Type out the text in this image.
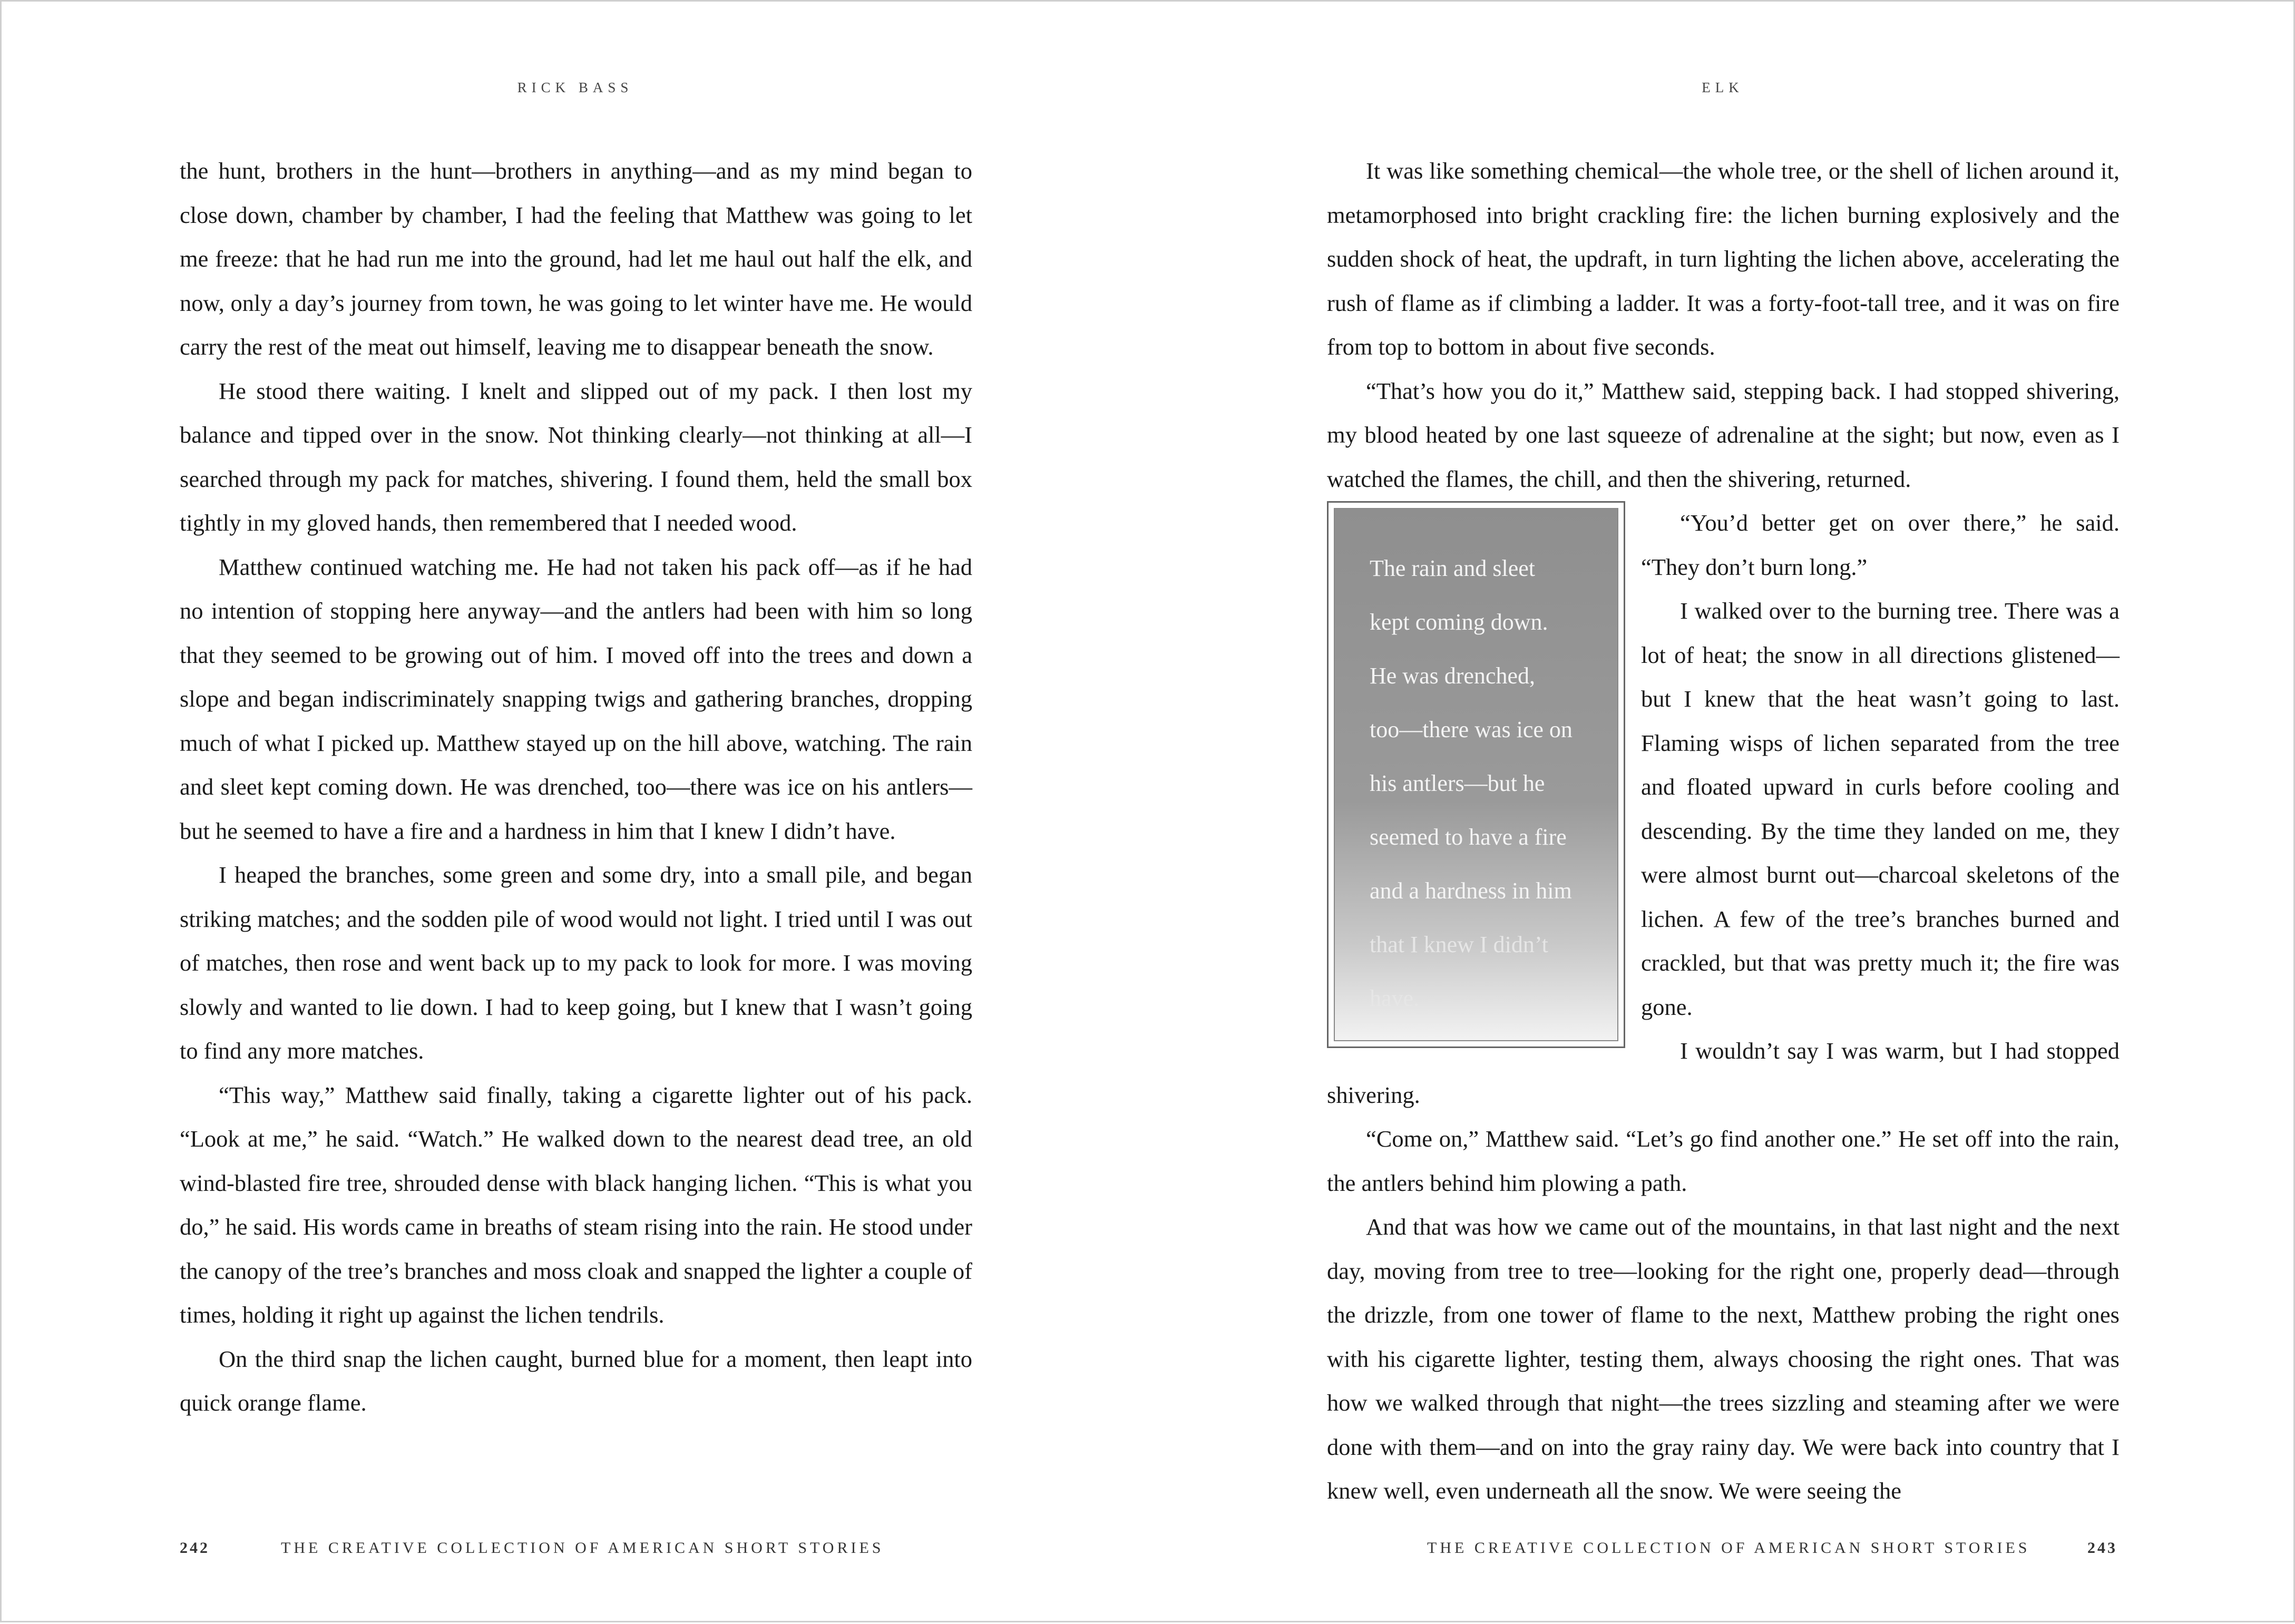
RICK BASS

the hunt, brothers in the hunt—brothers in anything—and as my mind began to close down, chamber by chamber, I had the feeling that Matthew was going to let me freeze: that he had run me into the ground, had let me haul out half the elk, and now, only a day’s journey from town, he was going to let winter have me. He would carry the rest of the meat out himself, leaving me to disappear beneath the snow.

He stood there waiting. I knelt and slipped out of my pack. I then lost my balance and tipped over in the snow. Not thinking clearly—not thinking at all—I searched through my pack for matches, shivering. I found them, held the small box tightly in my gloved hands, then remembered that I needed wood.

Matthew continued watching me. He had not taken his pack off—as if he had no intention of stopping here anyway—and the antlers had been with him so long that they seemed to be growing out of him. I moved off into the trees and down a slope and began indiscriminately snapping twigs and gathering branches, dropping much of what I picked up. Matthew stayed up on the hill above, watching. The rain and sleet kept coming down. He was drenched, too—there was ice on his antlers—but he seemed to have a fire and a hardness in him that I knew I didn’t have.

I heaped the branches, some green and some dry, into a small pile, and began striking matches; and the sodden pile of wood would not light. I tried until I was out of matches, then rose and went back up to my pack to look for more. I was moving slowly and wanted to lie down. I had to keep going, but I knew that I wasn’t going to find any more matches.

“This way,” Matthew said finally, taking a cigarette lighter out of his pack. “Look at me,” he said. “Watch.” He walked down to the nearest dead tree, an old wind-blasted fire tree, shrouded dense with black hanging lichen. “This is what you do,” he said. His words came in breaths of steam rising into the rain. He stood under the canopy of the tree’s branches and moss cloak and snapped the lighter a couple of times, holding it right up against the lichen tendrils.

On the third snap the lichen caught, burned blue for a moment, then leapt into quick orange flame.

242	THE CREATIVE COLLECTION OF AMERICAN SHORT STORIES
ELK

It was like something chemical—the whole tree, or the shell of lichen around it, metamorphosed into bright crackling fire: the lichen burning explosively and the sudden shock of heat, the updraft, in turn lighting the lichen above, accelerating the rush of flame as if climbing a ladder. It was a forty-foot-tall tree, and it was on fire from top to bottom in about five seconds.

“That’s how you do it,” Matthew said, stepping back. I had stopped shivering, my blood heated by one last squeeze of adrenaline at the sight; but now, even as I watched the flames, the chill, and then the shivering, returned.

The rain and sleet
kept coming down.
He was drenched,
too—there was ice on
his antlers—but he
seemed to have a fire
and a hardness in him
that I knew I didn’t
have.

“You’d better get on over there,” he said. “They don’t burn long.”

I walked over to the burning tree. There was a lot of heat; the snow in all directions glistened—but I knew that the heat wasn’t going to last. Flaming wisps of lichen separated from the tree and floated upward in curls before cooling and descending. By the time they landed on me, they were almost burnt out—charcoal skeletons of the lichen. A few of the tree’s branches burned and crackled, but that was pretty much it; the fire was gone.

I wouldn’t say I was warm, but I had stopped shivering.

“Come on,” Matthew said. “Let’s go find another one.” He set off into the rain, the antlers behind him plowing a path.

And that was how we came out of the mountains, in that last night and the next day, moving from tree to tree—looking for the right one, properly dead—through the drizzle, from one tower of flame to the next, Matthew probing the right ones with his cigarette lighter, testing them, always choosing the right ones. That was how we walked through that night—the trees sizzling and steaming after we were done with them—and on into the gray rainy day. We were back into country that I knew well, even underneath all the snow. We were seeing the

THE CREATIVE COLLECTION OF AMERICAN SHORT STORIES	243
